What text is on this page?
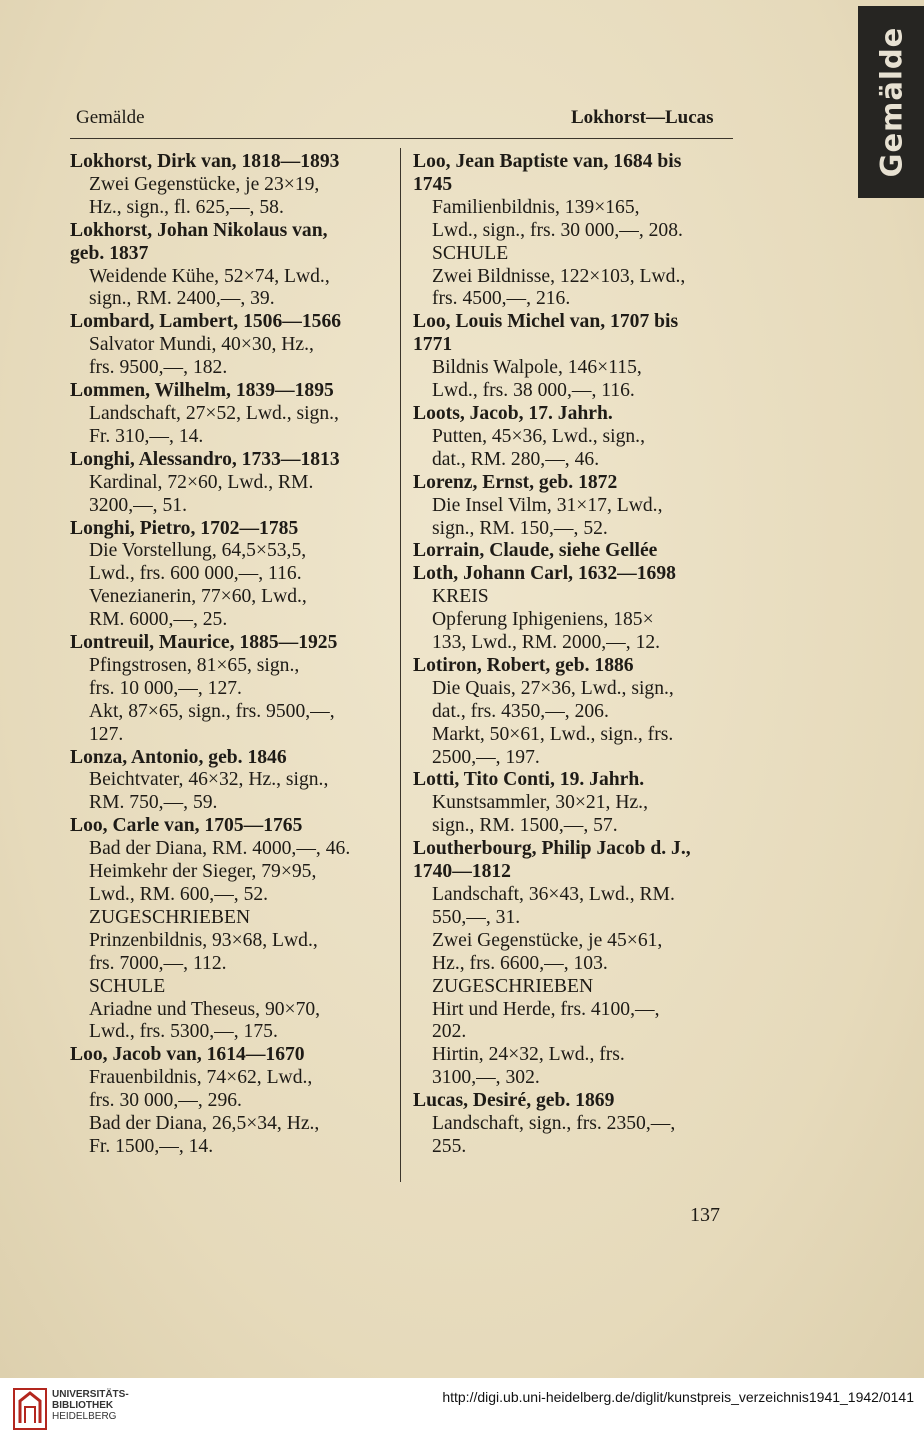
Gemälde
Gemälde	Lokhorst—Lucas
Lokhorst, Dirk van, 1818—1893
Zwei Gegenstücke, je 23×19,
Hz., sign., fl. 625,—, 58.
Lokhorst, Johan Nikolaus van,
geb. 1837
Weidende Kühe, 52×74, Lwd.,
sign., RM. 2400,—, 39.
Lombard, Lambert, 1506—1566
Salvator Mundi, 40×30, Hz.,
frs. 9500,—, 182.
Lommen, Wilhelm, 1839—1895
Landschaft, 27×52, Lwd., sign.,
Fr. 310,—, 14.
Longhi, Alessandro, 1733—1813
Kardinal, 72×60, Lwd., RM.
3200,—, 51.
Longhi, Pietro, 1702—1785
Die Vorstellung, 64,5×53,5,
Lwd., frs. 600 000,—, 116.
Venezianerin, 77×60, Lwd.,
RM. 6000,—, 25.
Lontreuil, Maurice, 1885—1925
Pfingstrosen, 81×65, sign.,
frs. 10 000,—, 127.
Akt, 87×65, sign., frs. 9500,—,
127.
Lonza, Antonio, geb. 1846
Beichtvater, 46×32, Hz., sign.,
RM. 750,—, 59.
Loo, Carle van, 1705—1765
Bad der Diana, RM. 4000,—, 46.
Heimkehr der Sieger, 79×95,
Lwd., RM. 600,—, 52.
ZUGESCHRIEBEN
Prinzenbildnis, 93×68, Lwd.,
frs. 7000,—, 112.
SCHULE
Ariadne und Theseus, 90×70,
Lwd., frs. 5300,—, 175.
Loo, Jacob van, 1614—1670
Frauenbildnis, 74×62, Lwd.,
frs. 30 000,—, 296.
Bad der Diana, 26,5×34, Hz.,
Fr. 1500,—, 14.
Loo, Jean Baptiste van, 1684 bis
1745
Familienbildnis, 139×165,
Lwd., sign., frs. 30 000,—, 208.
SCHULE
Zwei Bildnisse, 122×103, Lwd.,
frs. 4500,—, 216.
Loo, Louis Michel van, 1707 bis
1771
Bildnis Walpole, 146×115,
Lwd., frs. 38 000,—, 116.
Loots, Jacob, 17. Jahrh.
Putten, 45×36, Lwd., sign.,
dat., RM. 280,—, 46.
Lorenz, Ernst, geb. 1872
Die Insel Vilm, 31×17, Lwd.,
sign., RM. 150,—, 52.
Lorrain, Claude, siehe Gellée
Loth, Johann Carl, 1632—1698
KREIS
Opferung Iphigeniens, 185×
133, Lwd., RM. 2000,—, 12.
Lotiron, Robert, geb. 1886
Die Quais, 27×36, Lwd., sign.,
dat., frs. 4350,—, 206.
Markt, 50×61, Lwd., sign., frs.
2500,—, 197.
Lotti, Tito Conti, 19. Jahrh.
Kunstsammler, 30×21, Hz.,
sign., RM. 1500,—, 57.
Loutherbourg, Philip Jacob d. J.,
1740—1812
Landschaft, 36×43, Lwd., RM.
550,—, 31.
Zwei Gegenstücke, je 45×61,
Hz., frs. 6600,—, 103.
ZUGESCHRIEBEN
Hirt und Herde, frs. 4100,—,
202.
Hirtin, 24×32, Lwd., frs.
3100,—, 302.
Lucas, Desiré, geb. 1869
Landschaft, sign., frs. 2350,—,
255.
137
UNIVERSITÄTS-
BIBLIOTHEK
HEIDELBERG
http://digi.ub.uni-heidelberg.de/diglit/kunstpreis_verzeichnis1941_1942/0141
